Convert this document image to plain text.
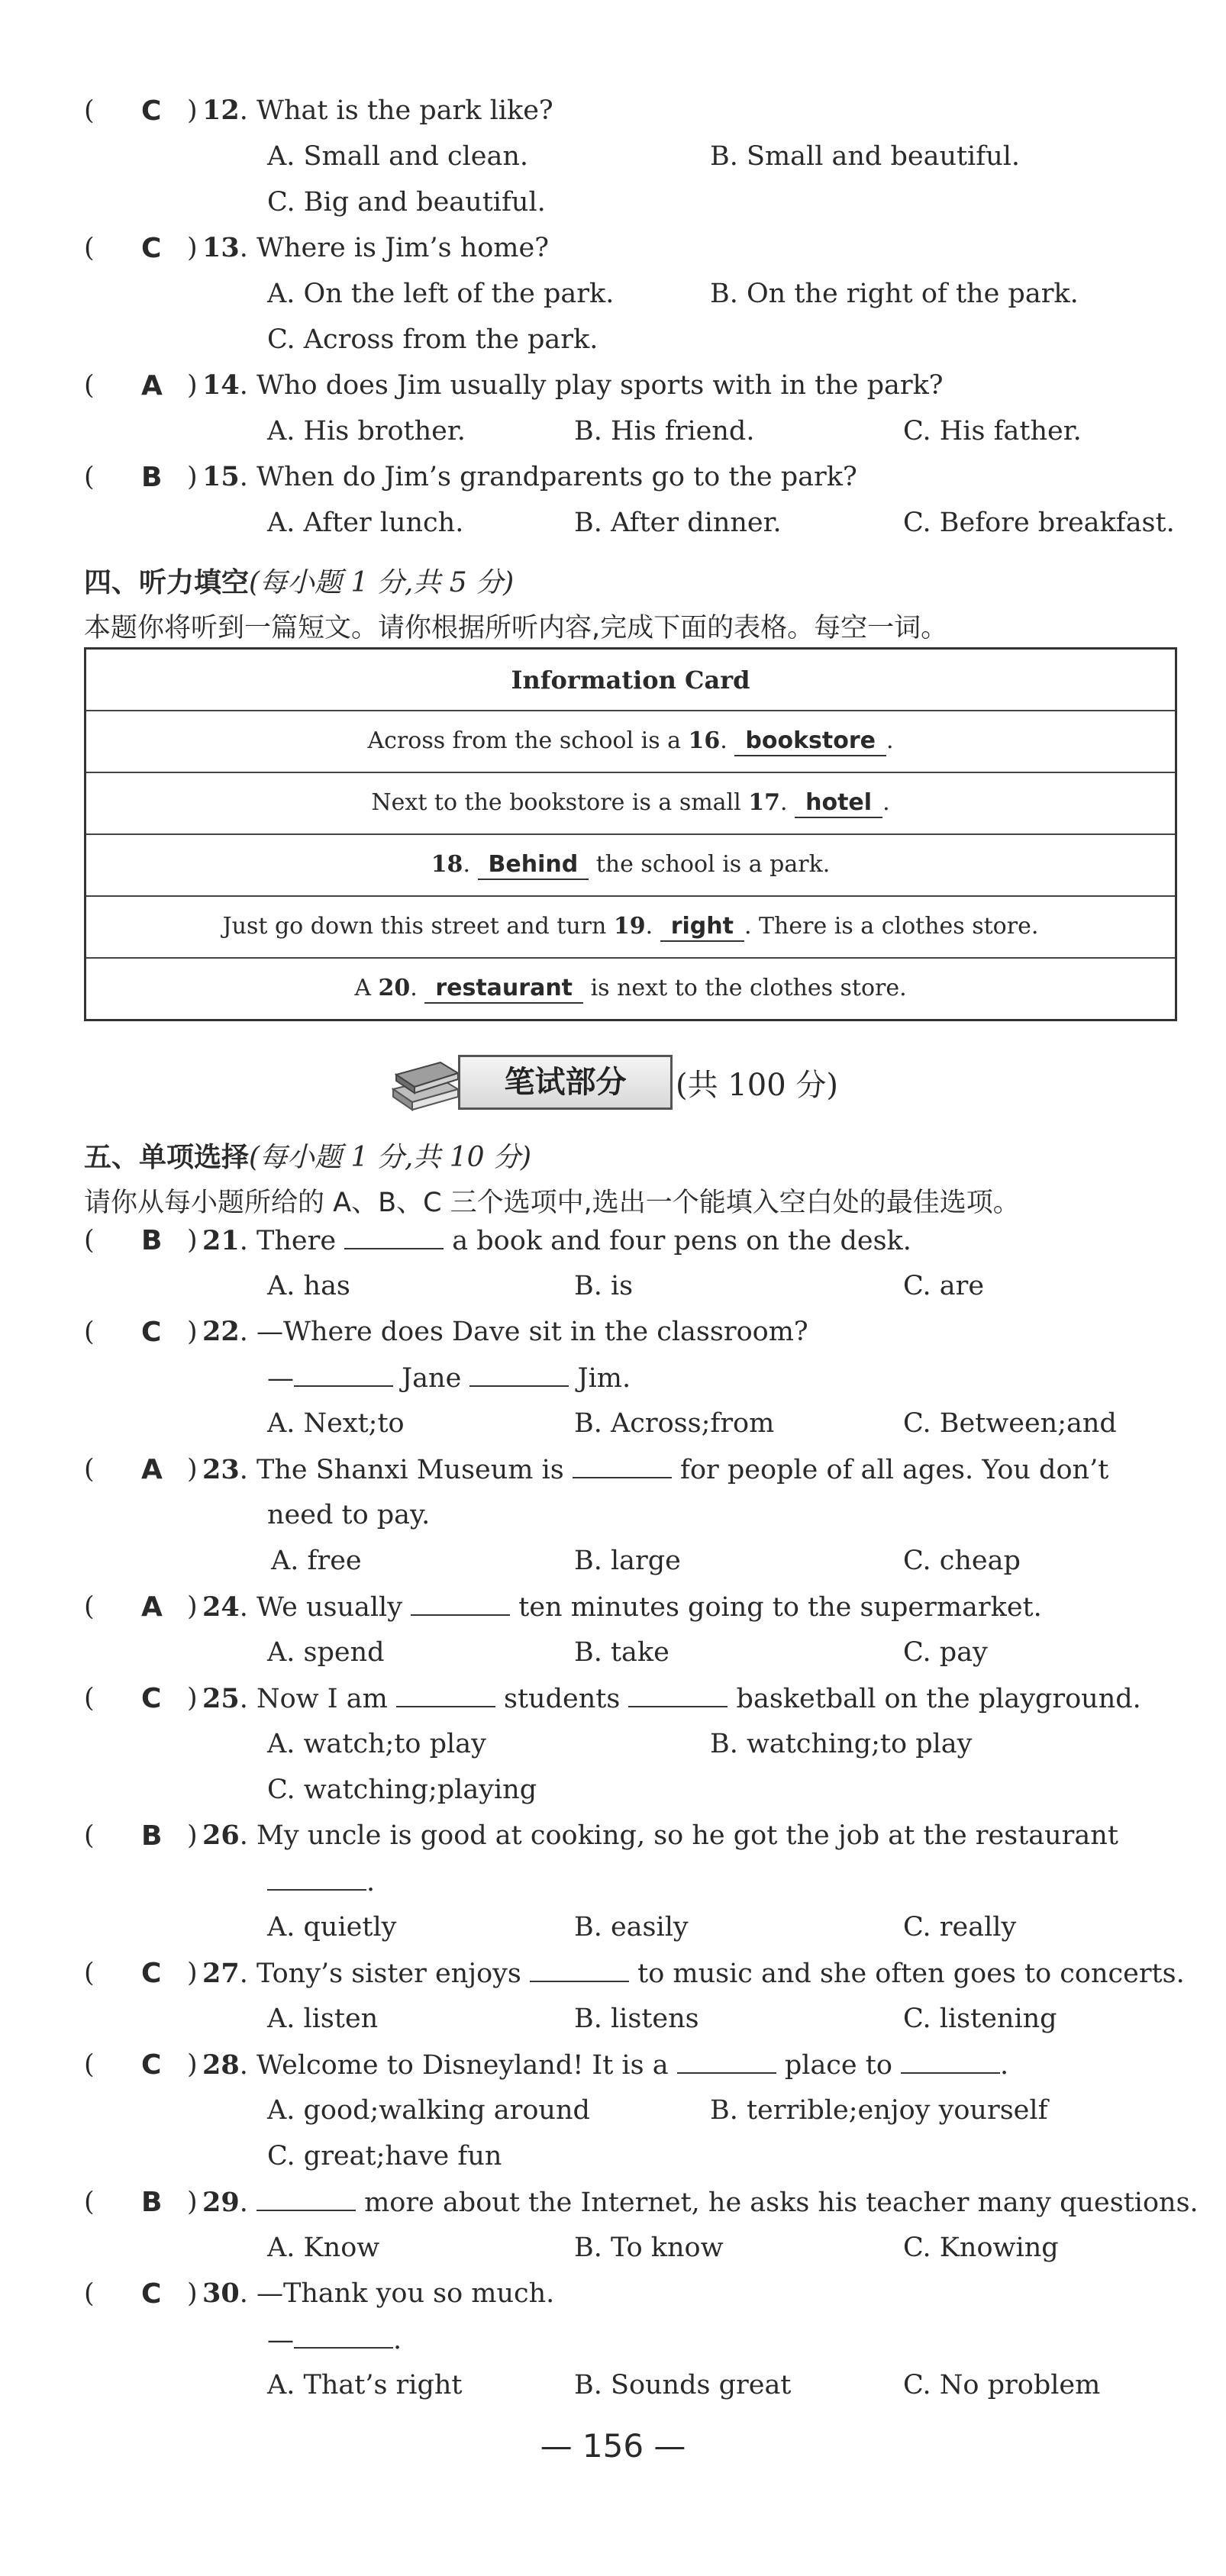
( C ) 12. What is the park like?
A. Small and clean.	B. Small and beautiful.
C. Big and beautiful.
( C ) 13. Where is Jim’s home?
A. On the left of the park.	B. On the right of the park.
C. Across from the park.
( A ) 14. Who does Jim usually play sports with in the park?
A. His brother.	B. His friend.	C. His father.
( B ) 15. When do Jim’s grandparents go to the park?
A. After lunch.	B. After dinner.	C. Before breakfast.
四、听力填空(每小题 1 分,共 5 分)
本题你将听到一篇短文。请你根据所听内容,完成下面的表格。每空一词。
Information Card
Across from the school is a 16. bookstore .
Next to the bookstore is a small 17. hotel .
18. Behind the school is a park.
Just go down this street and turn 19. right . There is a clothes store.
A 20. restaurant is next to the clothes store.
笔试部分	(共 100 分)
五、单项选择(每小题 1 分,共 10 分)
请你从每小题所给的 A、B、C 三个选项中,选出一个能填入空白处的最佳选项。
( B ) 21. There	a book and four pens on the desk.
A. has	B. is	C. are
( C ) 22. —Where does Dave sit in the classroom?
—	Jane	Jim.
A. Next;to	B. Across;from	C. Between;and
( A ) 23. The Shanxi Museum is	for people of all ages. You don’t
need to pay.
A. free	B. large	C. cheap
( A ) 24. We usually	ten minutes going to the supermarket.
A. spend	B. take	C. pay
( C ) 25. Now I am	students	basketball on the playground.
A. watch;to play	B. watching;to play
C. watching;playing
( B ) 26. My uncle is good at cooking, so he got the job at the restaurant
.
A. quietly	B. easily	C. really
( C ) 27. Tony’s sister enjoys	to music and she often goes to concerts.
A. listen	B. listens	C. listening
( C ) 28. Welcome to Disneyland! It is a	place to	.
A. good;walking around	B. terrible;enjoy yourself
C. great;have fun
( B ) 29.	more about the Internet, he asks his teacher many questions.
A. Know	B. To know	C. Knowing
( C ) 30. —Thank you so much.
—	.
A. That’s right	B. Sounds great	C. No problem
— 156 —
